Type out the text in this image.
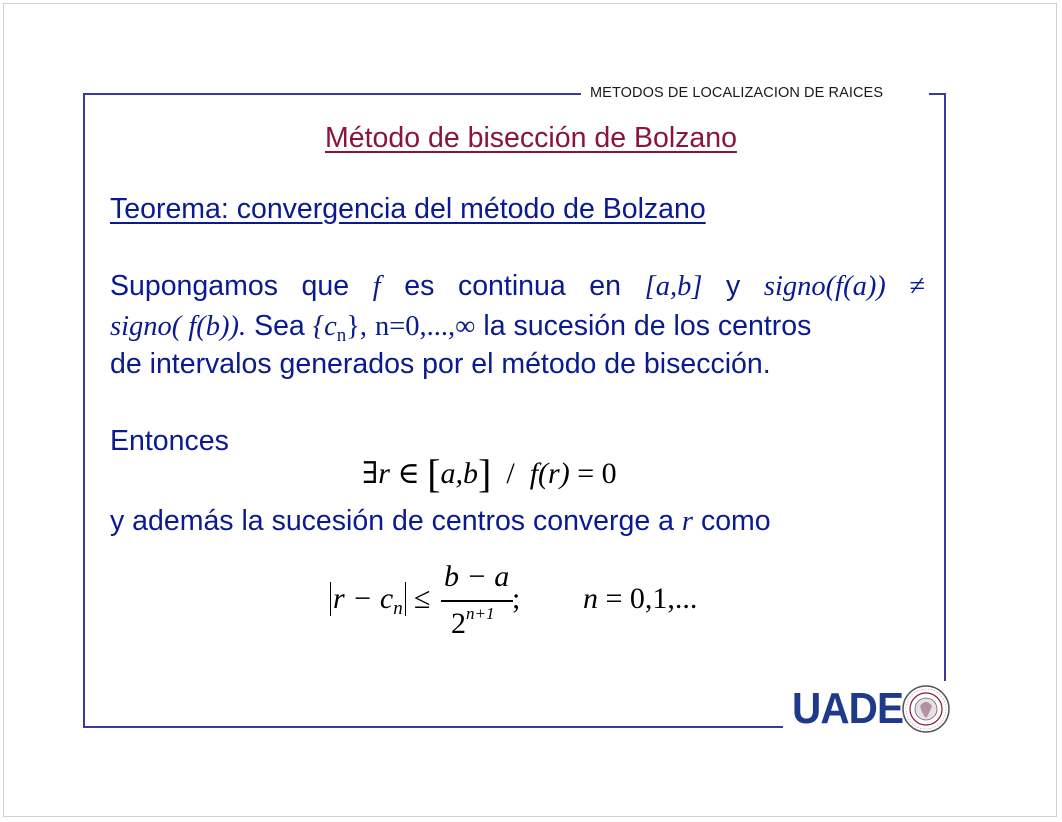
METODOS DE LOCALIZACION DE RAICES
Método de bisección de Bolzano
Teorema: convergencia del método de Bolzano
Supongamos que f es continua en [a,b] y signo(f(a)) ≠
signo( f(b)). Sea $\{c_n\}$, n=0,...,∞ la sucesión de los centros
de intervalos generados por el método de bisección.
Entonces
∃r ∈ [a,b] / f(r) = 0
y además la sucesión de centros converge a r como
$r - c_n$ ≤
b − a
$2^{n+1}$ ; n = 0,1,...
UADE
